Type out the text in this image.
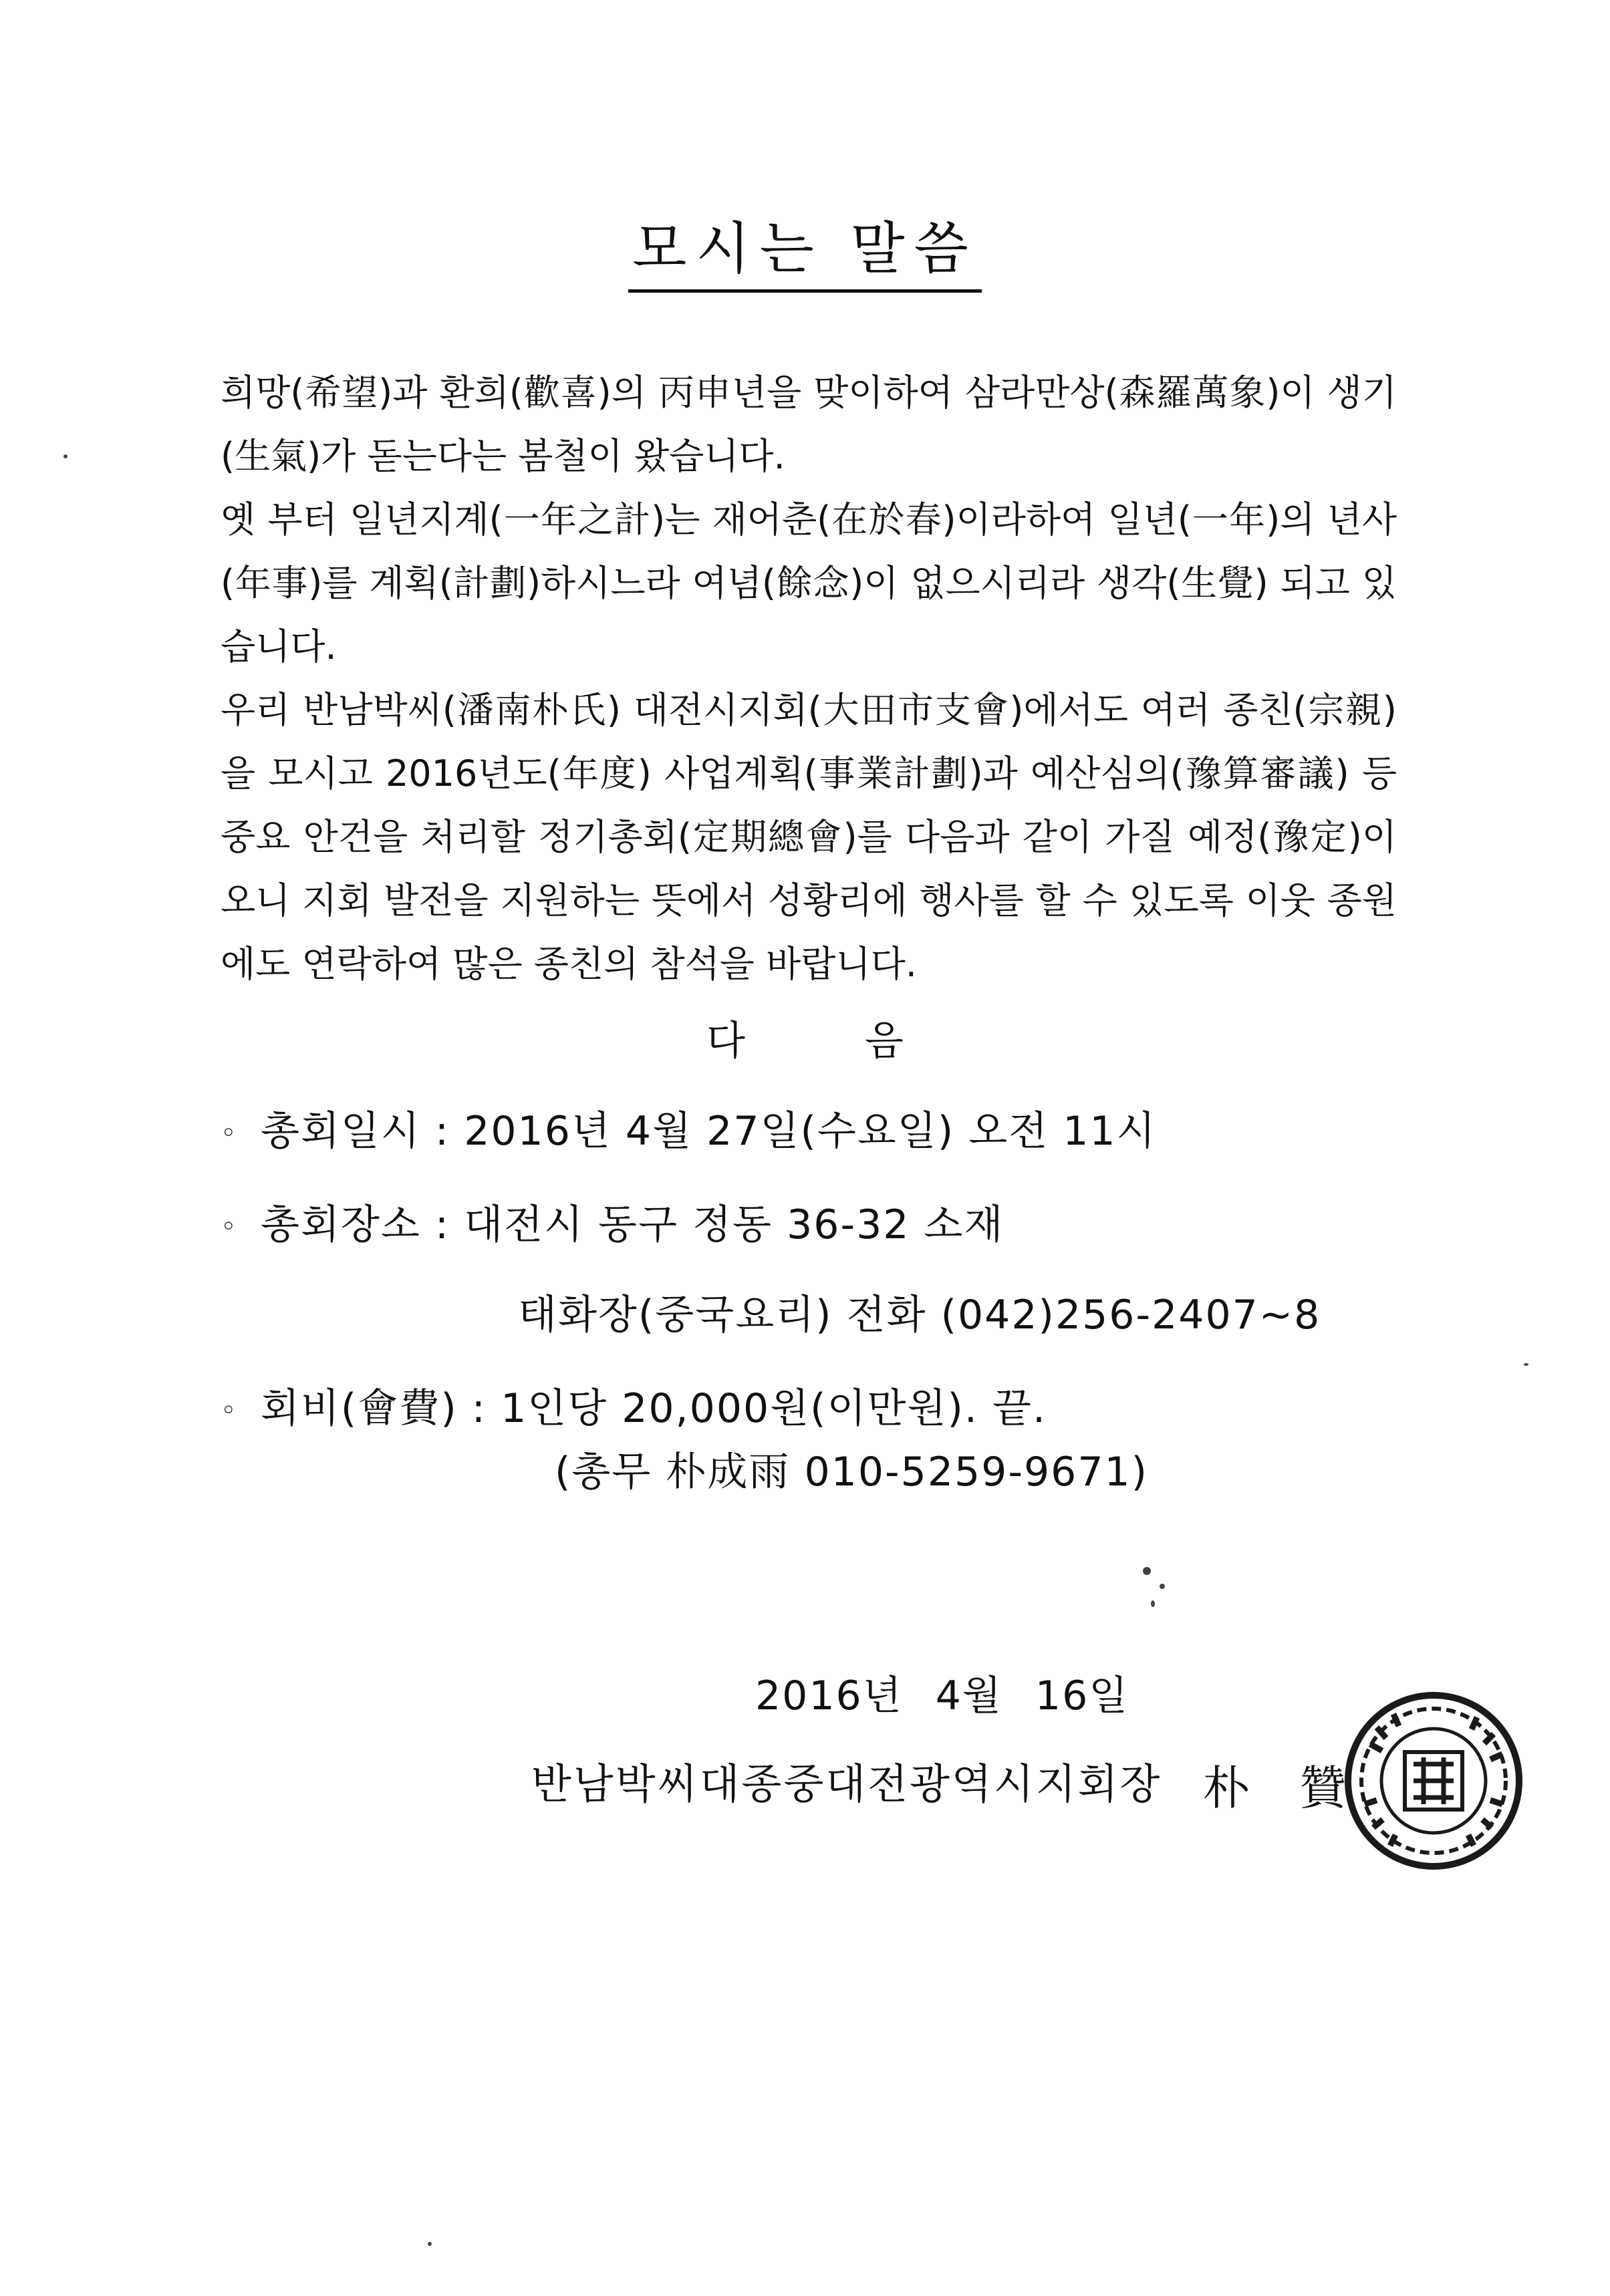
모시는 말씀

희망(希望)과 환희(歡喜)의 丙申년을 맞이하여 삼라만상(森羅萬象)이 생기(生氣)가 돋는다는 봄철이 왔습니다.

옛 부터 일년지계(一年之計)는 재어춘(在於春)이라하여 일년(一年)의 년사(年事)를 계획(計劃)하시느라 여념(餘念)이 없으시리라 생각(生覺) 되고 있습니다.

우리 반남박씨(潘南朴氏) 대전시지회(大田市支會)에서도 여러 종친(宗親)을 모시고 2016년도(年度) 사업계획(事業計劃)과 예산심의(豫算審議) 등 중요 안건을 처리할 정기총회(定期總會)를 다음과 같이 가질 예정(豫定)이오니 지회 발전을 지원하는 뜻에서 성황리에 행사를 할 수 있도록 이웃 종원에도 연락하여 많은 종친의 참석을 바랍니다.

다 음
◦ 총회일시 : 2016년 4월 27일(수요일) 오전 11시
◦ 총회장소 : 대전시 동구 정동 36-32 소재
태화장(중국요리) 전화 (042)256-2407~8
◦ 회비(會費) : 1인당 20,000원(이만원). 끝.
(총무 朴成雨 010-5259-9671)
2016년 4월 16일
반남박씨대종중대전광역시지회장 朴 贊
